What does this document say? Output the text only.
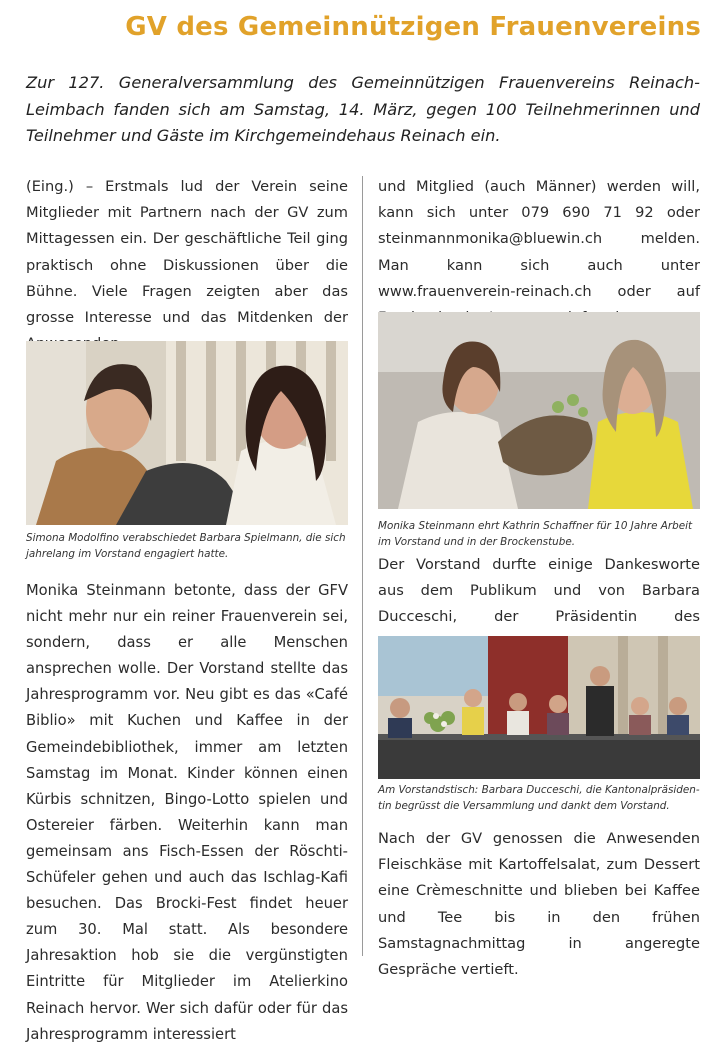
GV des Gemeinnützigen Frauenvereins
Zur 127. Generalversammlung des Gemeinnützigen Frauenvereins Reinach-Leimbach fanden sich am Samstag, 14. März, gegen 100 Teilnehmerinnen und Teilnehmer und Gäste im Kirchgemeindehaus Reinach ein.

(Eing.) – Erstmals lud der Verein seine Mitglieder mit Partnern nach der GV zum Mittagessen ein. Der geschäftliche Teil ging praktisch ohne Diskussionen über die Bühne. Viele Fragen zeigten aber das grosse Interesse und das Mitdenken der

und Mitglied (auch Männer) werden will, kann sich unter 079 690 71 92 oder steinmannmonika@bluewin.ch melden. Man kann sich auch unter www.frauenverein-reinach.ch oder auf

Simona Modolfino verabschiedet Barbara Spielmann, die sich
jahrelang im Vorstand engagiert hatte.
Monika Steinmann ehrt Kathrin Schaffner für 10 Jahre Arbeit
im Vorstand und in der Brockenstube.

Der Vorstand durfte einige Dankesworte aus dem Publikum und von Barbara Ducceschi, der Präsidentin des

Am Vorstandstisch: Barbara Ducceschi, die Kantonalpräsiden-
tin begrüsst die Versammlung und dankt dem Vorstand.

Monika Steinmann betonte, dass der GFV nicht mehr nur ein reiner Frauenverein sei, sondern, dass er alle Menschen ansprechen wolle. Der Vorstand stellte das Jahresprogramm vor. Neu gibt es das «Café Biblio» mit Kuchen und Kaffee in der Gemeindebibliothek, immer am letzten Samstag im Monat. Kinder können einen Kürbis schnitzen, Bingo-Lotto spielen und Ostereier färben. Weiterhin kann man gemeinsam ans Fisch-Essen der Röschti-Schüfeler gehen und auch das Ischlag-Kafi besuchen. Das Brocki-Fest findet heuer zum 30. Mal statt. Als besondere Jahresaktion hob sie die vergünstigten Eintritte für Mitglieder im Atelierkino Reinach hervor. Wer sich dafür oder für das Jahresprogramm interessiert

Nach der GV genossen die Anwesenden Fleischkäse mit Kartoffelsalat, zum Dessert eine Crèmeschnitte und blieben bei Kaffee und Tee bis in den frühen Samstagnachmittag in angeregte Gespräche vertieft.
